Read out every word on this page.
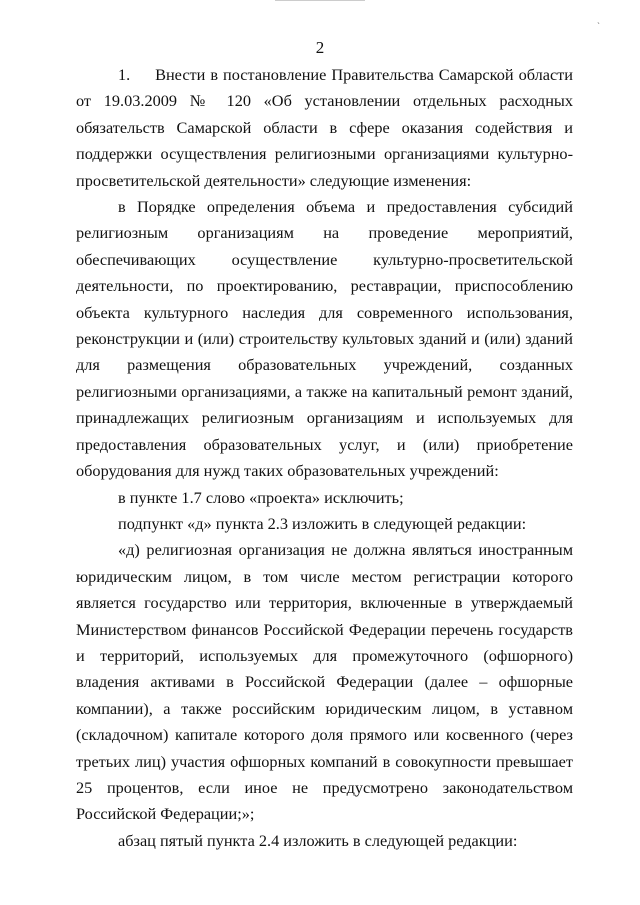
ˎ
2

1.     Внести в постановление Правительства Самарской области от 19.03.2009 № 120 «Об установлении отдельных расходных обязательств Самарской области в сфере оказания содействия и поддержки осуществления религиозными организациями культурно-просветительской деятельности» следующие изменения:

в Порядке определения объема и предоставления субсидий религиозным организациям на проведение мероприятий, обеспечивающих осуществление культурно-просветительской деятельности, по проектированию, реставрации, приспособлению объекта культурного наследия для современного использования, реконструкции и (или) строительству культовых зданий и (или) зданий для размещения образовательных учреждений, созданных религиозными организациями, а также на капитальный ремонт зданий, принадлежащих религиозным организациям и используемых для предоставления образовательных услуг, и (или) приобретение оборудования для нужд таких образовательных учреждений:

в пункте 1.7 слово «проекта» исключить;

подпункт «д» пункта 2.3 изложить в следующей редакции:

«д) религиозная организация не должна являться иностранным юридическим лицом, в том числе местом регистрации которого является государство или территория, включенные в утверждаемый Министерством финансов Российской Федерации перечень государств и территорий, используемых для промежуточного (офшорного) владения активами в Российской Федерации (далее – офшорные компании), а также российским юридическим лицом, в уставном (складочном) капитале которого доля прямого или косвенного (через третьих лиц) участия офшорных компаний в совокупности превышает 25 процентов, если иное не предусмотрено законодательством Российской Федерации;»;

абзац пятый пункта 2.4 изложить в следующей редакции:
